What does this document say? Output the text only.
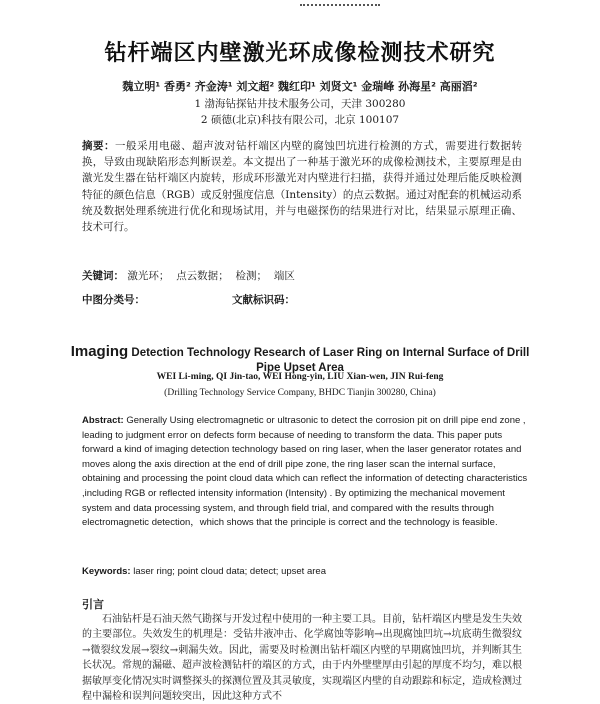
钻杆端区内壁激光环成像检测技术研究
魏立明¹ 香勇² 齐金涛¹ 刘文超² 魏红印¹ 刘贤文¹ 金瑞峰 孙海星² 高丽滔²
1 渤海钻探钻井技术服务公司，天津 300280
2 硕德(北京)科技有限公司，北京 100107
摘要：一般采用电磁、超声波对钻杆端区内壁的腐蚀凹坑进行检测的方式，需要进行数据转换，导致由现缺陷形态判断误差。本文提出了一种基于激光环的成像检测技术，主要原理是由激光发生器在钻杆端区内旋转，形成环形激光对内壁进行扫描，获得并通过处理后能反映检测特征的颜色信息（RGB）或反射强度信息（Intensity）的点云数据。通过对配套的机械运动系统及数据处理系统进行优化和现场试用，并与电磁探伤的结果进行对比，结果显示原理正确、技术可行。
关键词： 激光环； 点云数据； 检测； 端区
中图分类号：	文献标识码：
Imaging Detection Technology Research of Laser Ring on Internal Surface of Drill Pipe Upset Area
WEI Li-ming, QI Jin-tao, WEI Hong-yin, LIU Xian-wen, JIN Rui-feng
(Drilling Technology Service Company, BHDC Tianjin 300280, China)
Abstract: Generally Using electromagnetic or ultrasonic to detect the corrosion pit on drill pipe end zone , leading to judgment error on defects form because of needing to transform the data. This paper puts forward a kind of imaging detection technology based on ring laser, when the laser generator rotates and moves along the axis direction at the end of drill pipe zone, the ring laser scan the internal surface, obtaining and processing the point cloud data which can reflect the information of detecting characteristics ,including RGB or reflected intensity information (Intensity) . By optimizing the mechanical movement system and data processing system, and through field trial, and compared with the results through electromagnetic detection，which shows that the principle is correct and the technology is feasible.
Keywords: laser ring; point cloud data; detect; upset area
引言

石油钻杆是石油天然气勘探与开发过程中使用的一种主要工具。目前，钻杆端区内壁是发生失效的主要部位。失效发生的机理是：受钻井液冲击、化学腐蚀等影响→出现腐蚀凹坑→坑底萌生微裂纹→微裂纹发展→裂纹→刺漏失效。因此，需要及时检测出钻杆端区内壁的早期腐蚀凹坑，并判断其生长状况。常规的漏磁、超声波检测钻杆的端区的方式，由于内外壁壁厚由引起的厚度不均匀，难以根据敏厚变化情况实时调整探头的探测位置及其灵敏度，实现端区内壁的自动跟踪和标定，造成检测过程中漏检和误判问题较突出，因此这种方式不
